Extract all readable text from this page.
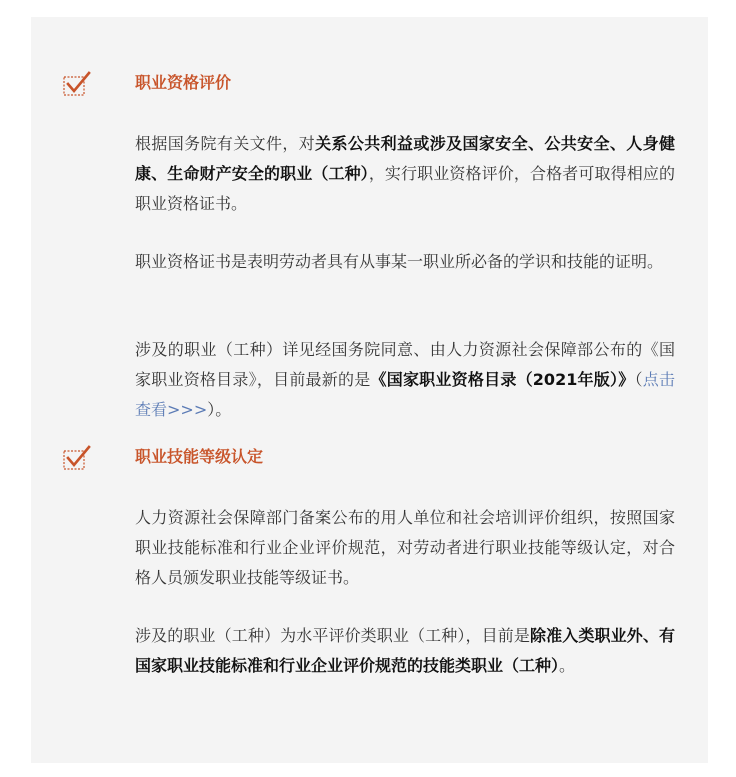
职业资格评价
根据国务院有关文件，对关系公共利益或涉及国家安全、公共安全、人身健康、生命财产安全的职业（工种），实行职业资格评价，合格者可取得相应的职业资格证书。
职业资格证书是表明劳动者具有从事某一职业所必备的学识和技能的证明。
涉及的职业（工种）详见经国务院同意、由人力资源社会保障部公布的《国家职业资格目录》，目前最新的是《国家职业资格目录（2021年版）》（点击查看>>>）。
职业技能等级认定
人力资源社会保障部门备案公布的用人单位和社会培训评价组织，按照国家职业技能标准和行业企业评价规范，对劳动者进行职业技能等级认定，对合格人员颁发职业技能等级证书。
涉及的职业（工种）为水平评价类职业（工种），目前是除准入类职业外、有国家职业技能标准和行业企业评价规范的技能类职业（工种）。
